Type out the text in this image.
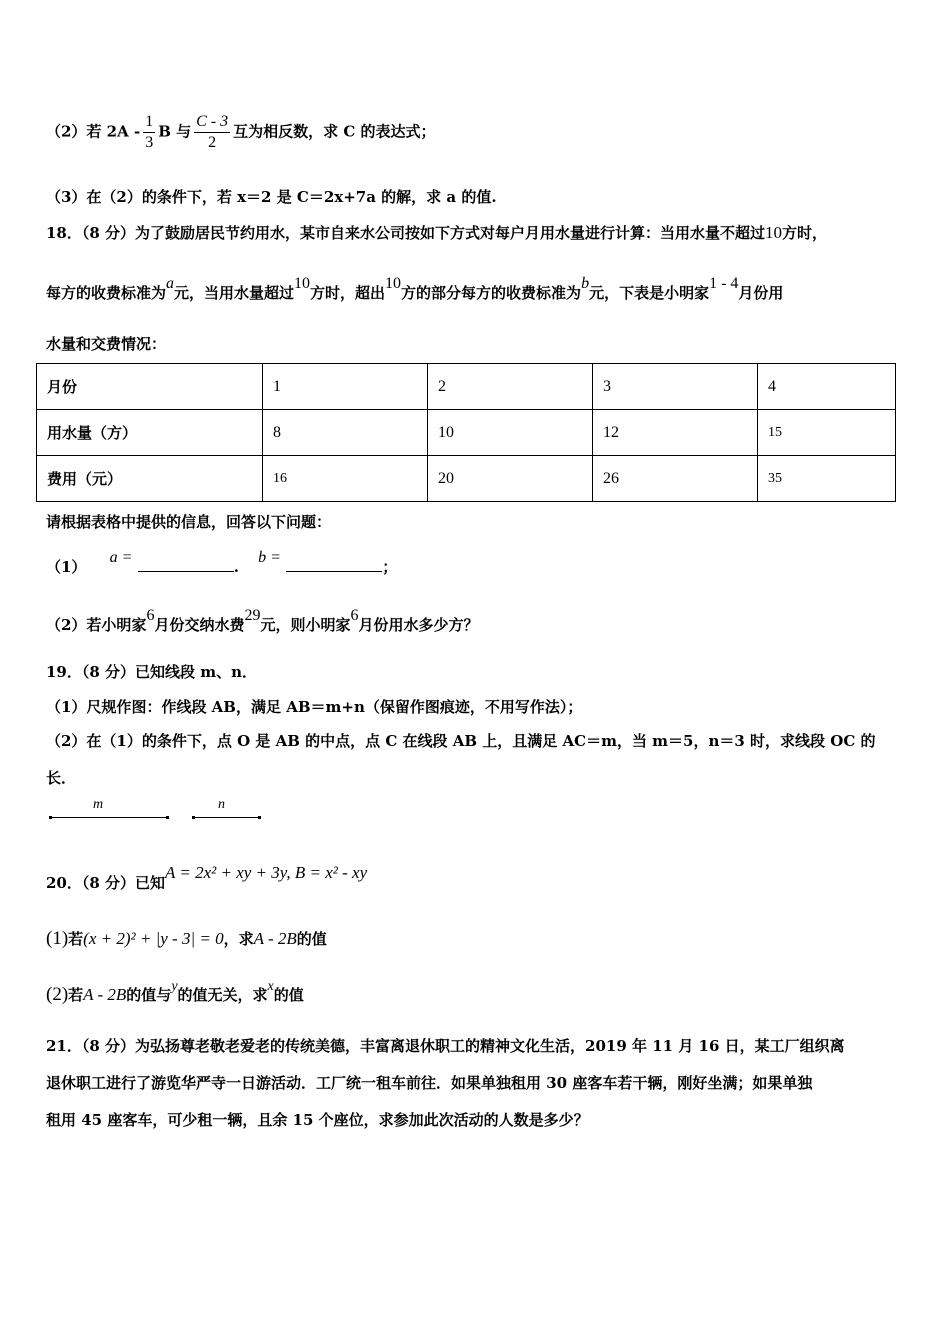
（2）若 $2A - \frac{1}{3}$ B 与 $\frac{C - 3}{2}$ 互为相反数，求 C 的表达式；
（3）在（2）的条件下，若 x＝2 是 C＝2x+7a 的解，求 a 的值.
18．（8 分）为了鼓励居民节约用水，某市自来水公司按如下方式对每户月用水量进行计算：当用水量不超过10方时，
每方的收费标准为a元，当用水量超过10方时，超出10方的部分每方的收费标准为b元，下表是小明家1 - 4月份用
水量和交费情况：
月份	1	2	3	4
用水量（方）	8	10	12	15
费用（元）	16	20	26	35
请根据表格中提供的信息，回答以下问题：
（1） a = . b = ；
（2）若小明家6月份交纳水费29元，则小明家6月份用水多少方？
19．（8 分）已知线段 m、n．
（1）尺规作图：作线段 AB，满足 AB＝m+n（保留作图痕迹，不用写作法）；
（2）在（1）的条件下，点 O 是 AB 的中点，点 C 在线段 AB 上，且满足 AC＝m，当 m＝5，n＝3 时，求线段 OC 的
长．
m	n
20．（8 分）已知A = 2x² + xy + 3y, B = x² - xy
(1)若(x + 2)² + |y - 3| = 0，求A - 2B的值
(2)若A - 2B的值与y的值无关，求x的值
21．（8 分）为弘扬尊老敬老爱老的传统美德，丰富离退休职工的精神文化生活，2019 年 11 月 16 日，某工厂组织离
退休职工进行了游览华严寺一日游活动．工厂统一租车前往．如果单独租用 30 座客车若干辆，刚好坐满；如果单独
租用 45 座客车，可少租一辆，且余 15 个座位，求参加此次活动的人数是多少？
